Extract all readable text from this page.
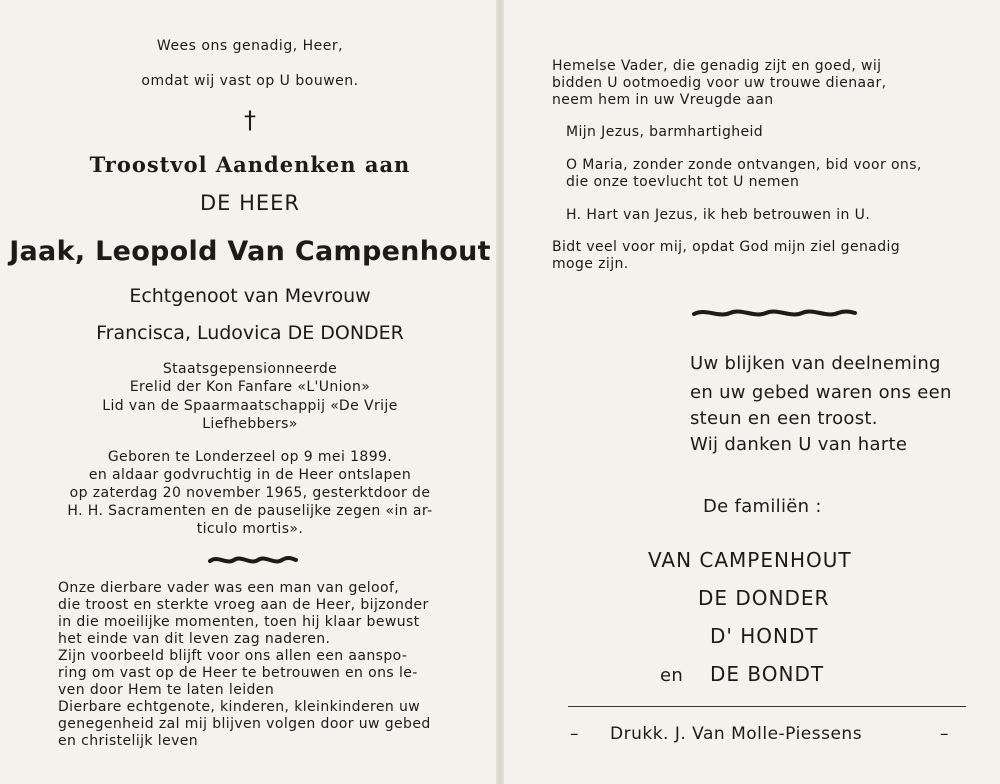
Wees ons genadig, Heer,
omdat wij vast op U bouwen.
†
Troostvol Aandenken aan
DE HEER
Jaak, Leopold Van Campenhout
Echtgenoot van Mevrouw
Francisca, Ludovica DE DONDER
Staatsgepensionneerde
Erelid der Kon Fanfare «L'Union»
Lid van de Spaarmaatschappij «De Vrije
Liefhebbers»
Geboren te Londerzeel op 9 mei 1899.
en aldaar godvruchtig in de Heer ontslapen
op zaterdag 20 november 1965, gesterktdoor de
H. H. Sacramenten en de pauselijke zegen «in ar-
ticulo mortis».

Onze dierbare vader was een man van geloof,

die troost en sterkte vroeg aan de Heer, bijzonder

in die moeilijke momenten, toen hij klaar bewust

het einde van dit leven zag naderen.

Zijn voorbeeld blijft voor ons allen een aanspo-

ring om vast op de Heer te betrouwen en ons le-

ven door Hem te laten leiden

Dierbare echtgenote, kinderen, kleinkinderen uw

genegenheid zal mij blijven volgen door uw gebed

en christelijk leven

Hemelse Vader, die genadig zijt en goed, wij

bidden U ootmoedig voor uw trouwe dienaar,

neem hem in uw Vreugde aan

Mijn Jezus, barmhartigheid

O Maria, zonder zonde ontvangen, bid voor ons,

die onze toevlucht tot U nemen

H. Hart van Jezus, ik heb betrouwen in U.

Bidt veel voor mij, opdat God mijn ziel genadig

moge zijn.

Uw blijken van deelneming
en uw gebed waren ons een
steun en een troost.
Wij danken U van harte
De familiën :
VAN CAMPENHOUT
DE DONDER
D' HONDT
en DE BONDT
– Drukk. J. Van Molle-Piessens	–
